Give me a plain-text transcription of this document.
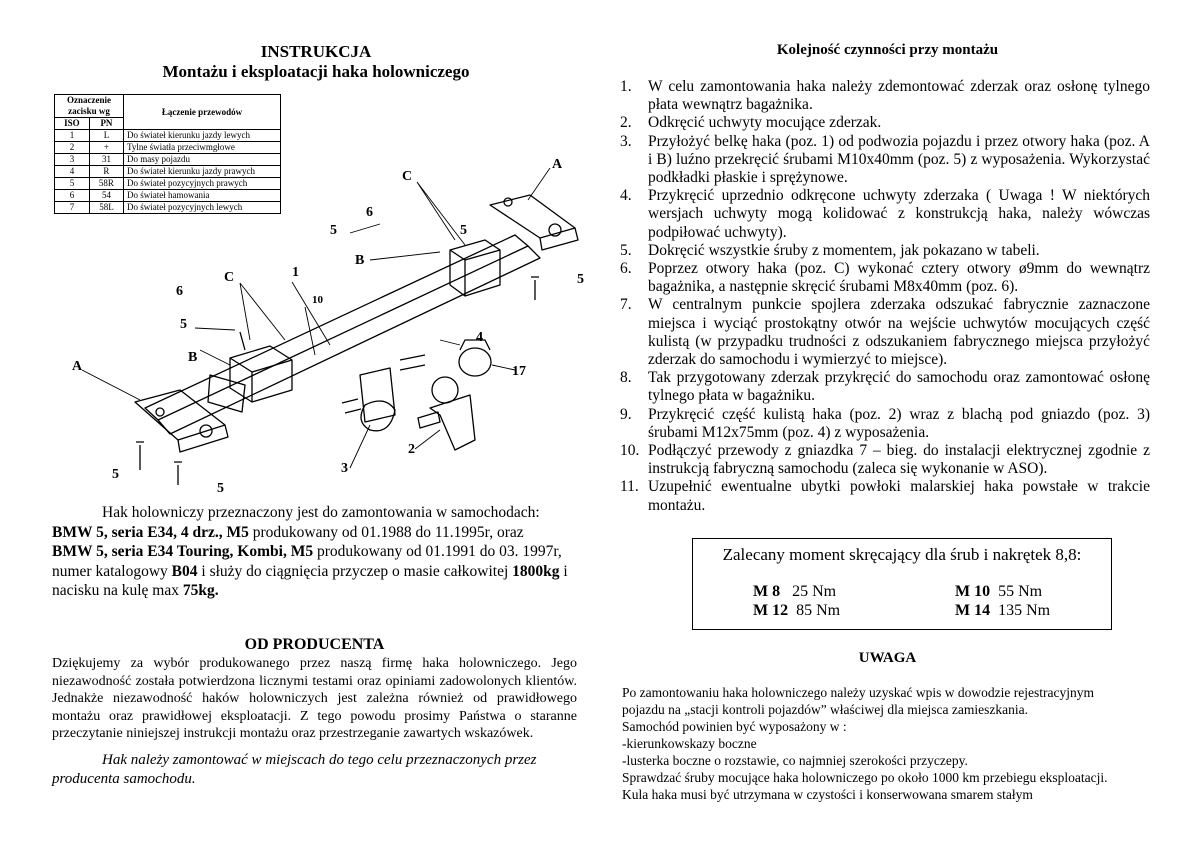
INSTRUKCJA
Montażu i eksploatacji haka holowniczego
Oznaczenie zacisku wg		Łączenie przewodów
ISO	PN	
1	L	Do świateł kierunku jazdy lewych
2	+	Tylne światła przeciwmgłowe
3	31	Do masy pojazdu
4	R	Do świateł kierunku jazdy prawych
5	58R	Do świateł pozycyjnych prawych
6	54	Do świateł hamowania
7	58L	Do świateł pozycyjnych lewych
A
A
B
B
C
C
1
2
3
4
5
5
5
5
5
5
6
6
10
17

Hak holowniczy przeznaczony jest do zamontowania w samochodach:

BMW 5, seria E34, 4 drz., M5 produkowany od 01.1988 do 11.1995r, oraz

BMW 5, seria E34 Touring, Kombi, M5 produkowany od 01.1991 do 03. 1997r,

numer katalogowy B04 i służy do ciągnięcia przyczep o masie całkowitej 1800kg i

nacisku na kulę max 75kg.

OD PRODUCENTA
Dziękujemy za wybór produkowanego przez naszą firmę haka holowniczego. Jego niezawodność została potwierdzona licznymi testami oraz opiniami zadowolonych klientów. Jednakże niezawodność haków holowniczych jest zależna również od prawidłowego montażu oraz prawidłowej eksploatacji. Z tego powodu prosimy Państwa o staranne przeczytanie niniejszej instrukcji montażu oraz przestrzeganie zawartych wskazówek.
Hak należy zamontować w miejscach do tego celu przeznaczonych przez producenta samochodu.
Kolejność czynności przy montażu
1.	W celu zamontowania haka należy zdemontować zderzak oraz osłonę tylnego płata wewnątrz bagażnika.
2.	Odkręcić uchwyty mocujące zderzak.
3.	Przyłożyć belkę haka (poz. 1) od podwozia pojazdu i przez otwory haka (poz. A i B) luźno przekręcić śrubami M10x40mm (poz. 5) z wyposażenia. Wykorzystać podkładki płaskie i sprężynowe.
4.	Przykręcić uprzednio odkręcone uchwyty zderzaka ( Uwaga ! W niektórych wersjach uchwyty mogą kolidować z konstrukcją haka, należy wówczas podpiłować uchwyty).
5.	Dokręcić wszystkie śruby z momentem, jak pokazano w tabeli.
6.	Poprzez otwory haka (poz. C) wykonać cztery otwory ø9mm do wewnątrz bagażnika, a następnie skręcić śrubami M8x40mm (poz. 6).
7.	W centralnym punkcie spojlera zderzaka odszukać fabrycznie zaznaczone miejsca i wyciąć prostokątny otwór na wejście uchwytów mocujących część kulistą (w przypadku trudności z odszukaniem fabrycznego miejsca przyłożyć zderzak do samochodu i wymierzyć to miejsce).
8.	Tak przygotowany zderzak przykręcić do samochodu oraz zamontować osłonę tylnego płata w bagażniku.
9.	Przykręcić część kulistą haka (poz. 2) wraz z blachą pod gniazdo (poz. 3) śrubami M12x75mm (poz. 4) z wyposażenia.
10. Podłączyć przewody z gniazdka 7 – bieg. do instalacji elektrycznej zgodnie z instrukcją fabryczną samochodu (zaleca się wykonanie w ASO).
11. Uzupełnić ewentualne ubytki powłoki malarskiej haka powstałe w trakcie montażu.
Zalecany moment skręcający dla śrub i nakrętek 8,8:
M 8 25 Nm	M 10 55 Nm
M 12 85 Nm	M 14 135 Nm
UWAGA
Po zamontowaniu haka holowniczego należy uzyskać wpis w dowodzie rejestracyjnym
pojazdu na „stacji kontroli pojazdów” właściwej dla miejsca zamieszkania.
Samochód powinien być wyposażony w :
-kierunkowskazy boczne
-lusterka boczne o rozstawie, co najmniej szerokości przyczepy.
Sprawdzać śruby mocujące haka holowniczego po około 1000 km przebiegu eksploatacji.
Kula haka musi być utrzymana w czystości i konserwowana smarem stałym
